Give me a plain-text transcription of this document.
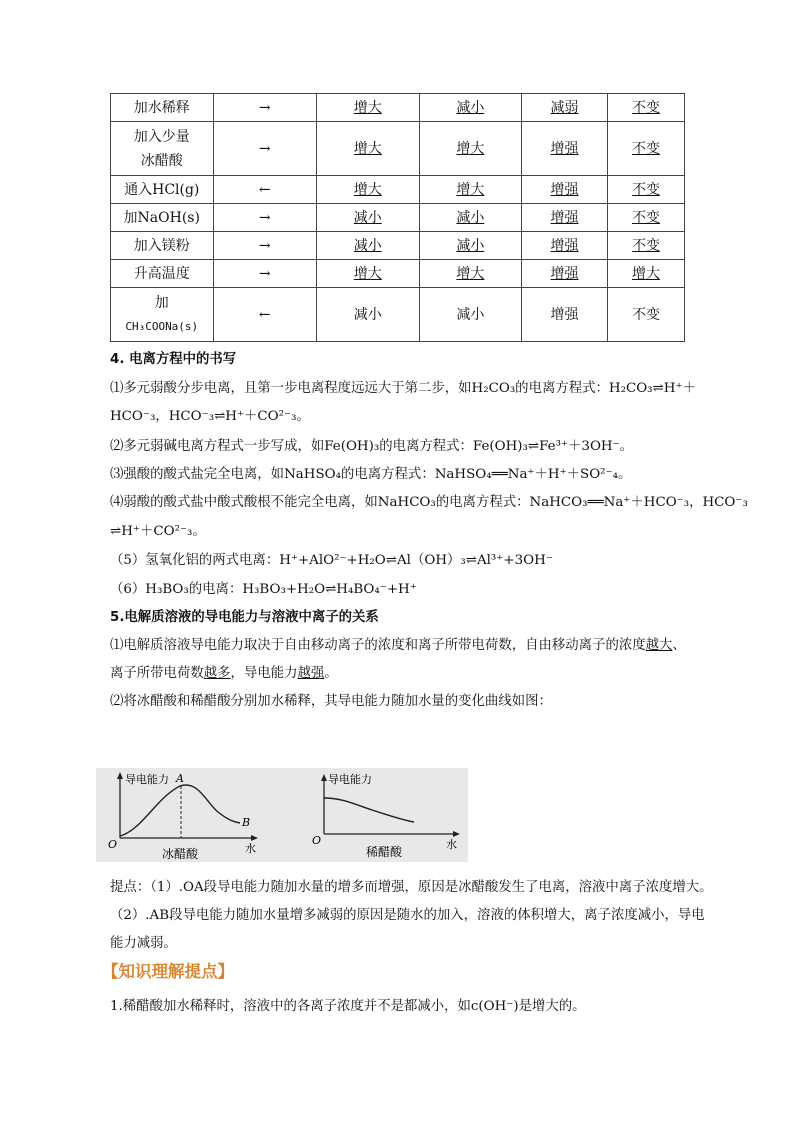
加水稀释	→	增大	减小	减弱	不变

加入少量
冰醋酸	→	增大	增大	增强	不变
通入HCl(g)	←	增大	增大	增强	不变
加NaOH(s)	→	减小	减小	增强	不变
加入镁粉	→	减小	减小	增强	不变
升高温度	→	增大	增大	增强	增大

加
CH₃COONa(s)	←	减小	减小	增强	不变
4. 电离方程中的书写
⑴多元弱酸分步电离，且第一步电离程度远远大于第二步，如H₂CO₃的电离方程式：H₂CO₃⇌H⁺＋
HCO⁻₃，HCO⁻₃⇌H⁺＋CO²⁻₃。
⑵多元弱碱电离方程式一步写成，如Fe(OH)₃的电离方程式：Fe(OH)₃⇌Fe³⁺＋3OH⁻。
⑶强酸的酸式盐完全电离，如NaHSO₄的电离方程式：NaHSO₄══Na⁺＋H⁺＋SO²⁻₄。
⑷弱酸的酸式盐中酸式酸根不能完全电离，如NaHCO₃的电离方程式：NaHCO₃══Na⁺＋HCO⁻₃，HCO⁻₃
⇌H⁺＋CO²⁻₃。
（5）氢氧化铝的两式电离：H⁺+AlO²⁻+H₂O⇌Al（OH）₃⇌Al³⁺+3OH⁻
（6）H₃BO₃的电离：H₃BO₃+H₂O⇌H₄BO₄⁻+H⁺
5.电解质溶液的导电能力与溶液中离子的关系
⑴电解质溶液导电能力取决于自由移动离子的浓度和离子所带电荷数，自由移动离子的浓度越大、
离子所带电荷数越多，导电能力越强。
⑵将冰醋酸和稀醋酸分别加水稀释，其导电能力随加水量的变化曲线如图：
导电能力 A
B
O	水
冰醋酸
导电能力
O	水
稀醋酸
提点：（1）.OA段导电能力随加水量的增多而增强，原因是冰醋酸发生了电离，溶液中离子浓度增大。
（2）.AB段导电能力随加水量增多减弱的原因是随水的加入，溶液的体积增大，离子浓度减小，导电
能力减弱。
【知识理解提点】
1.稀醋酸加水稀释时，溶液中的各离子浓度并不是都减小，如c(OH⁻)是增大的。
